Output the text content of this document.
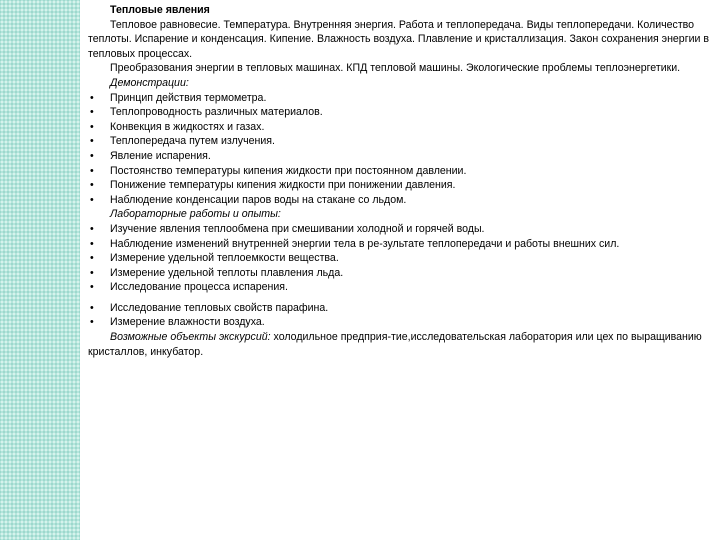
Тепловые явления

Тепловое равновесие. Температура. Внутренняя энергия. Работа и теплопередача. Виды теплопередачи. Количество теплоты. Испарение и конденсация. Кипение. Влажность воздуха. Плавление и кристаллизация. Закон сохранения энергии в тепловых процессах.

Преобразования энергии в тепловых машинах. КПД тепловой машины. Экологические проблемы теплоэнергетики.

Демонстрации:

• Принцип действия термометра.
• Теплопроводность различных материалов.
• Конвекция в жидкостях и газах.
• Теплопередача путем излучения.
• Явление испарения.
• Постоянство температуры кипения жидкости при постоянном давлении.
• Понижение температуры кипения жидкости при понижении давления.
• Наблюдение конденсации паров воды на стакане со льдом.

Лабораторные работы и опыты:

• Изучение явления теплообмена при смешивании холодной и горячей воды.
• Наблюдение изменений внутренней энергии тела в ре-зультате теплопередачи и работы внешних сил.
• Измерение удельной теплоемкости вещества.
• Измерение удельной теплоты плавления льда.
• Исследование процесса испарения.
• Исследование тепловых свойств парафина.
• Измерение влажности воздуха.

Возможные объекты экскурсий: холодильное предприя-тие,исследовательская лаборатория или цех по выращиванию кристаллов, инкубатор.
